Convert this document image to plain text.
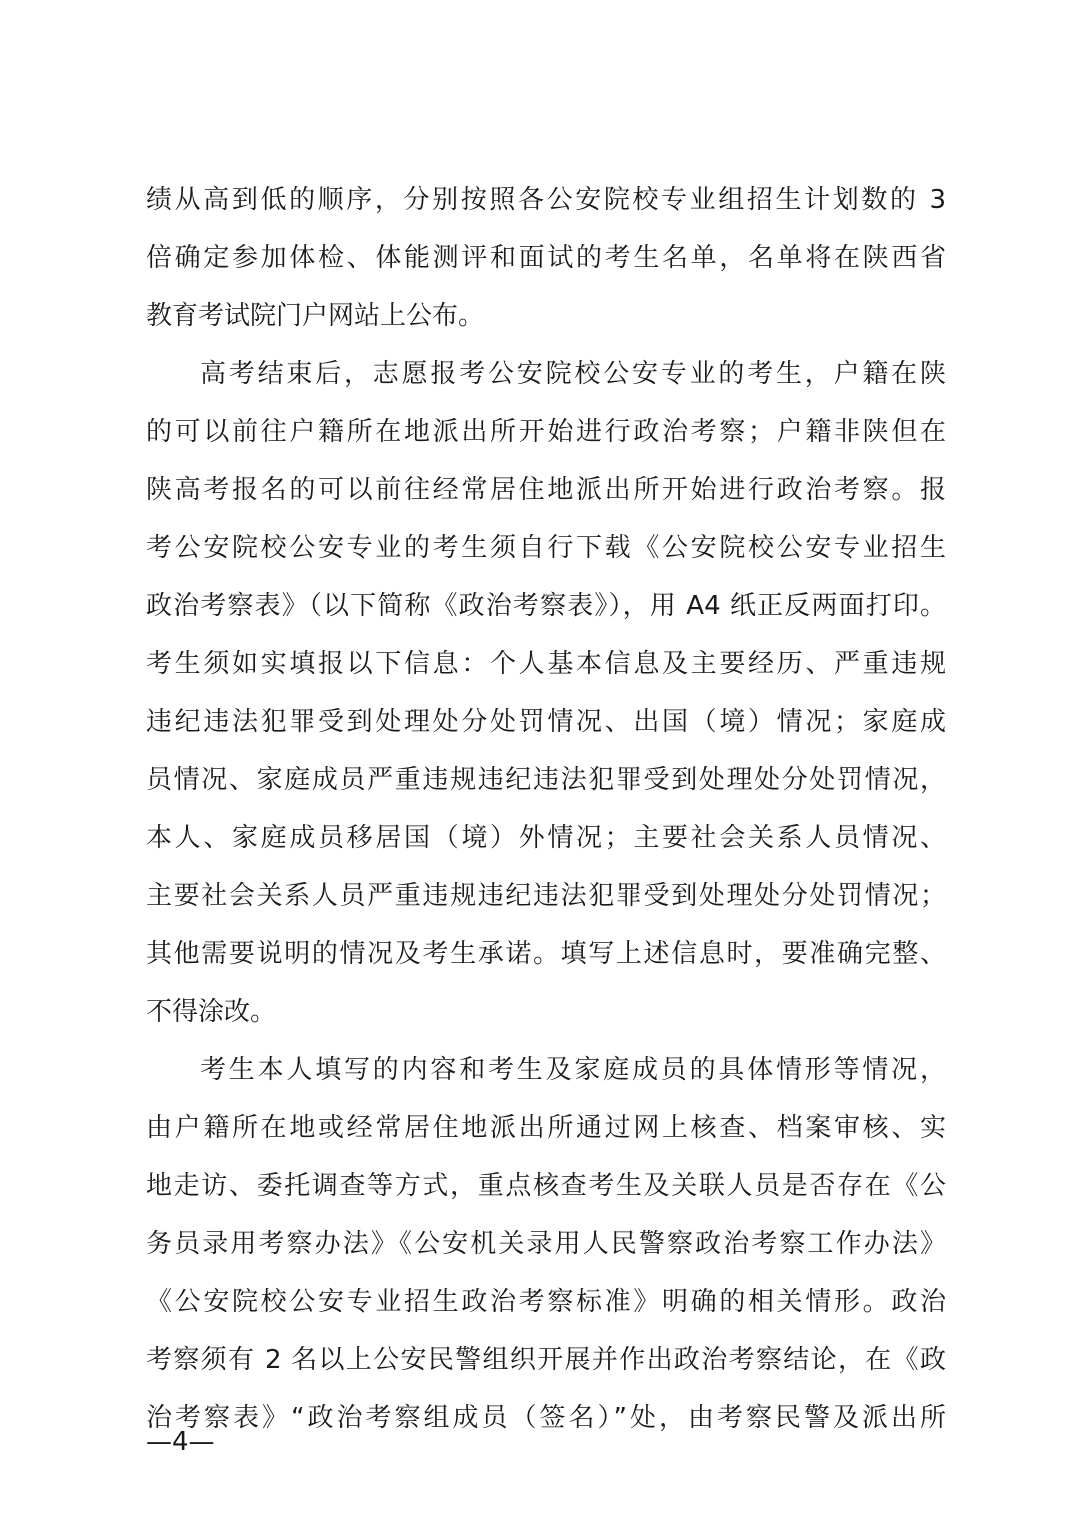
绩从高到低的顺序，分别按照各公安院校专业组招生计划数的 3
倍确定参加体检、体能测评和面试的考生名单，名单将在陕西省
教育考试院门户网站上公布。
高考结束后，志愿报考公安院校公安专业的考生，户籍在陕
的可以前往户籍所在地派出所开始进行政治考察；户籍非陕但在
陕高考报名的可以前往经常居住地派出所开始进行政治考察。报
考公安院校公安专业的考生须自行下载《公安院校公安专业招生
政治考察表》（以下简称《政治考察表》），用 A4 纸正反两面打印。
考生须如实填报以下信息：个人基本信息及主要经历、严重违规
违纪违法犯罪受到处理处分处罚情况、出国（境）情况；家庭成
员情况、家庭成员严重违规违纪违法犯罪受到处理处分处罚情况，
本人、家庭成员移居国（境）外情况；主要社会关系人员情况、
主要社会关系人员严重违规违纪违法犯罪受到处理处分处罚情况；
其他需要说明的情况及考生承诺。填写上述信息时，要准确完整、
不得涂改。
考生本人填写的内容和考生及家庭成员的具体情形等情况，
由户籍所在地或经常居住地派出所通过网上核查、档案审核、实
地走访、委托调查等方式，重点核查考生及关联人员是否存在《公
务员录用考察办法》《公安机关录用人民警察政治考察工作办法》
《公安院校公安专业招生政治考察标准》明确的相关情形。政治
考察须有 2 名以上公安民警组织开展并作出政治考察结论，在《政
治考察表》“政治考察组成员（签名）”处，由考察民警及派出所
—4—
